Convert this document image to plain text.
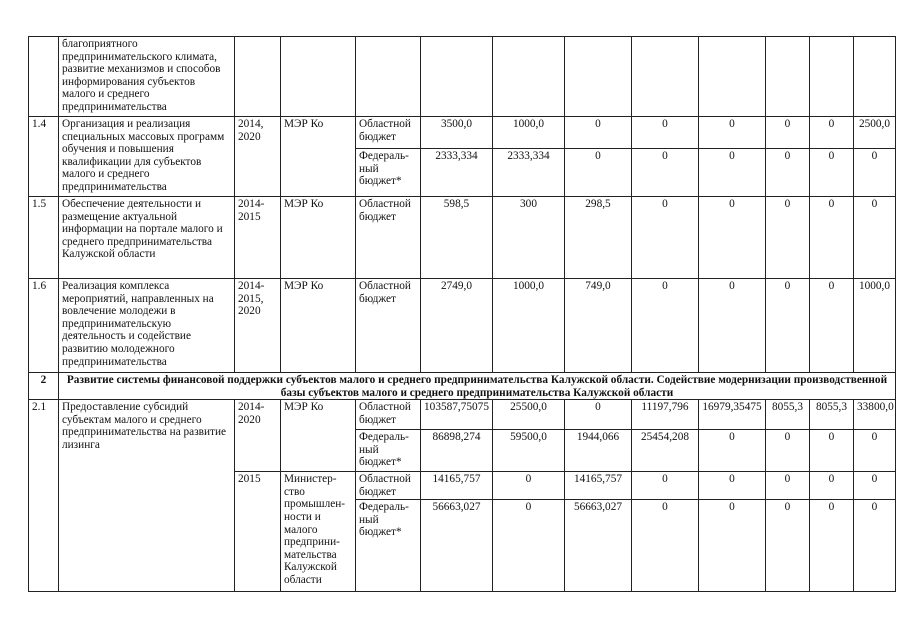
	благоприятного предпринимательского климата, развитие механизмов и способов информирования субъектов малого и среднего предпринимательства											
1.4	Организация и реализация специальных массовых программ обучения и повышения квалификации для субъектов малого и среднего предпринимательства	2014, 2020	МЭР Ко	Областной бюджет	3500,0	1000,0	0	0	0	0	0	2500,0
				Федераль- ный бюджет*	2333,334	2333,334	0	0	0	0	0	0
1.5	Обеспечение деятельности и размещение актуальной информации на портале малого и среднего предпринимательства Калужской области	2014- 2015	МЭР Ко	Областной бюджет	598,5	300	298,5	0	0	0	0	0
1.6	Реализация комплекса мероприятий, направленных на вовлечение молодежи в предпринимательскую деятельность и содействие развитию молодежного предпринимательства	2014- 2015, 2020	МЭР Ко	Областной бюджет	2749,0	1000,0	749,0	0	0	0	0	1000,0
2	Развитие системы финансовой поддержки субъектов малого и среднего предпринимательства Калужской области. Содействие модернизации производственной базы субъектов малого и среднего предпринимательства Калужской области											
2.1	Предоставление субсидий субъектам малого и среднего предпринимательства на развитие лизинга	2014- 2020	МЭР Ко	Областной бюджет	103587,75075	25500,0	0	11197,796	16979,35475	8055,3	8055,3	33800,0
				Федераль- ный бюджет*	86898,274	59500,0	1944,066	25454,208	0	0	0	0
		2015	Министер- ство промышлен- ности и малого предприни- мательства Калужской области	Областной бюджет	14165,757	0	14165,757	0	0	0	0	0
				Федераль- ный бюджет*	56663,027	0	56663,027	0	0	0	0	0
